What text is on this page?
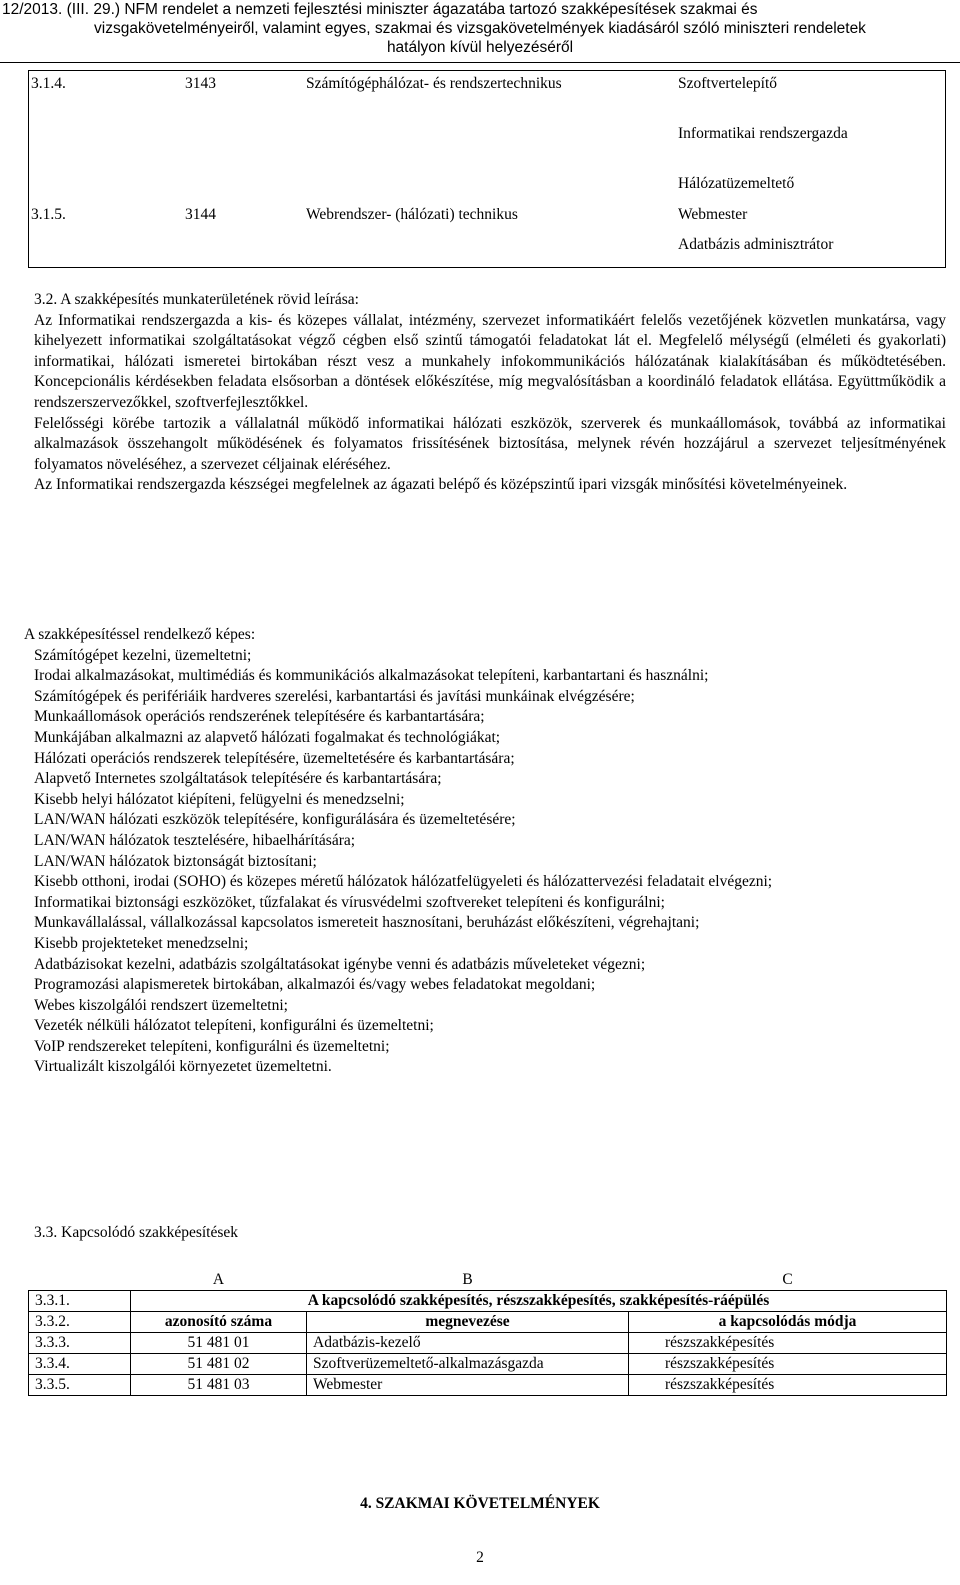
12/2013. (III. 29.) NFM rendelet a nemzeti fejlesztési miniszter ágazatába tartozó szakképesítések szakmai és
vizsgakövetelményeiről, valamint egyes, szakmai és vizsgakövetelmények kiadásáról szóló miniszteri rendeletek
hatályon kívül helyezéséről
3.1.4.	3143	Számítógéphálózat- és rendszertechnikus	Szoftvertelepítő
Informatikai rendszergazda
Hálózatüzemeltető
3.1.5.	3144	Webrendszer- (hálózati) technikus	Webmester
Adatbázis adminisztrátor
3.2. A szakképesítés munkaterületének rövid leírása:
Az Informatikai rendszergazda a kis- és közepes vállalat, intézmény, szervezet informatikáért felelős vezetőjének közvetlen munkatársa, vagy kihelyezett informatikai szolgáltatásokat végző cégben első szintű támogatói feladatokat lát el. Megfelelő mélységű (elméleti és gyakorlati) informatikai, hálózati ismeretei birtokában részt vesz a munkahely infokommunikációs hálózatának kialakításában és működtetésében. Koncepcionális kérdésekben feladata elsősorban a döntések előkészítése, míg megvalósításban a koordináló feladatok ellátása. Együttműködik a rendszerszervezőkkel, szoftverfejlesztőkkel.
Felelősségi körébe tartozik a vállalatnál működő informatikai hálózati eszközök, szerverek és munkaállomások, továbbá az informatikai alkalmazások összehangolt működésének és folyamatos frissítésének biztosítása, melynek révén hozzájárul a szervezet teljesítményének folyamatos növeléséhez, a szervezet céljainak eléréséhez.
Az Informatikai rendszergazda készségei megfelelnek az ágazati belépő és középszintű ipari vizsgák minősítési követelményeinek.
A szakképesítéssel rendelkező képes:
Számítógépet kezelni, üzemeltetni;
Irodai alkalmazásokat, multimédiás és kommunikációs alkalmazásokat telepíteni, karbantartani és használni;
Számítógépek és perifériáik hardveres szerelési, karbantartási és javítási munkáinak elvégzésére;
Munkaállomások operációs rendszerének telepítésére és karbantartására;
Munkájában alkalmazni az alapvető hálózati fogalmakat és technológiákat;
Hálózati operációs rendszerek telepítésére, üzemeltetésére és karbantartására;
Alapvető Internetes szolgáltatások telepítésére és karbantartására;
Kisebb helyi hálózatot kiépíteni, felügyelni és menedzselni;
LAN/WAN hálózati eszközök telepítésére, konfigurálására és üzemeltetésére;
LAN/WAN hálózatok tesztelésére, hibaelhárítására;
LAN/WAN hálózatok biztonságát biztosítani;
Kisebb otthoni, irodai (SOHO) és közepes méretű hálózatok hálózatfelügyeleti és hálózattervezési feladatait elvégezni;
Informatikai biztonsági eszközöket, tűzfalakat és vírusvédelmi szoftvereket telepíteni és konfigurálni;
Munkavállalással, vállalkozással kapcsolatos ismereteit hasznosítani, beruházást előkészíteni, végrehajtani;
Kisebb projekteteket menedzselni;
Adatbázisokat kezelni, adatbázis szolgáltatásokat igénybe venni és adatbázis műveleteket végezni;
Programozási alapismeretek birtokában, alkalmazói és/vagy webes feladatokat megoldani;
Webes kiszolgálói rendszert üzemeltetni;
Vezeték nélküli hálózatot telepíteni, konfigurálni és üzemeltetni;
VoIP rendszereket telepíteni, konfigurálni és üzemeltetni;
Virtualizált kiszolgálói környezetet üzemeltetni.
3.3. Kapcsolódó szakképesítések
	A	B	C
3.3.1.	A kapcsolódó szakképesítés, részszakképesítés, szakképesítés-ráépülés		
3.3.2.	azonosító száma	megnevezése	a kapcsolódás módja
3.3.3.	51 481 01	Adatbázis-kezelő	részszakképesítés
3.3.4.	51 481 02	Szoftverüzemeltető-alkalmazásgazda	részszakképesítés
3.3.5.	51 481 03	Webmester	részszakképesítés
4. SZAKMAI KÖVETELMÉNYEK
2
